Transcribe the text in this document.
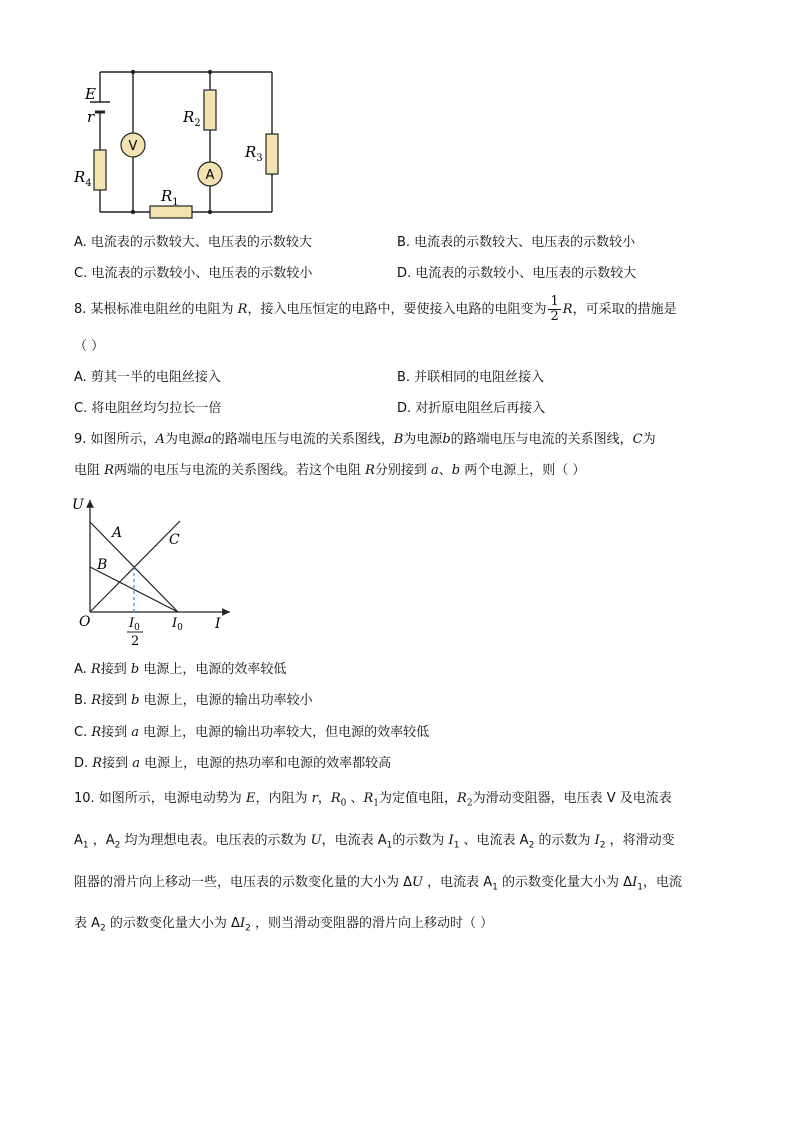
V
A
E
r
$R_4$
$R_2$
$R_3$
$R_1$
A. 电流表的示数较大、电压表的示数较大	B. 电流表的示数较大、电压表的示数较小
C. 电流表的示数较小、电压表的示数较小	D. 电流表的示数较小、电压表的示数较大
8. 某根标准电阻丝的电阻为 R，接入电压恒定的电路中，要使接入电路的电阻变为 $\frac{1}{2}$ R，可采取的措施是
（ ）
A. 剪其一半的电阻丝接入	B. 并联相同的电阻丝接入
C. 将电阻丝均匀拉长一倍	D. 对折原电阻丝后再接入
9. 如图所示，A为电源a的路端电压与电流的关系图线，B为电源b的路端电压与电流的关系图线，C为
电阻 R两端的电压与电流的关系图线。若这个电阻 R分别接到 a、b 两个电源上，则（ ）
U
I
O
A
B
C
$I_0$
$I_0$
2
A. R接到 b 电源上，电源的效率较低
B. R接到 b 电源上，电源的输出功率较小
C. R接到 a 电源上，电源的输出功率较大，但电源的效率较低
D. R接到 a 电源上，电源的热功率和电源的效率都较高
10. 如图所示，电源电动势为 E，内阻为 r，$R_0$ 、$R_1$为定值电阻，$R_2$为滑动变阻器，电压表 V 及电流表
$A_1$ ，$A_2$ 均为理想电表。电压表的示数为 U，电流表 $A_1$的示数为 $I_1$ 、电流表 $A_2$ 的示数为 $I_2$ ，将滑动变
阻器的滑片向上移动一些，电压表的示数变化量的大小为 ΔU ，电流表 $A_1$ 的示数变化量大小为 $\Delta I_1$，电流
表 $A_2$ 的示数变化量大小为 $\Delta I_2$ ，则当滑动变阻器的滑片向上移动时（ ）
